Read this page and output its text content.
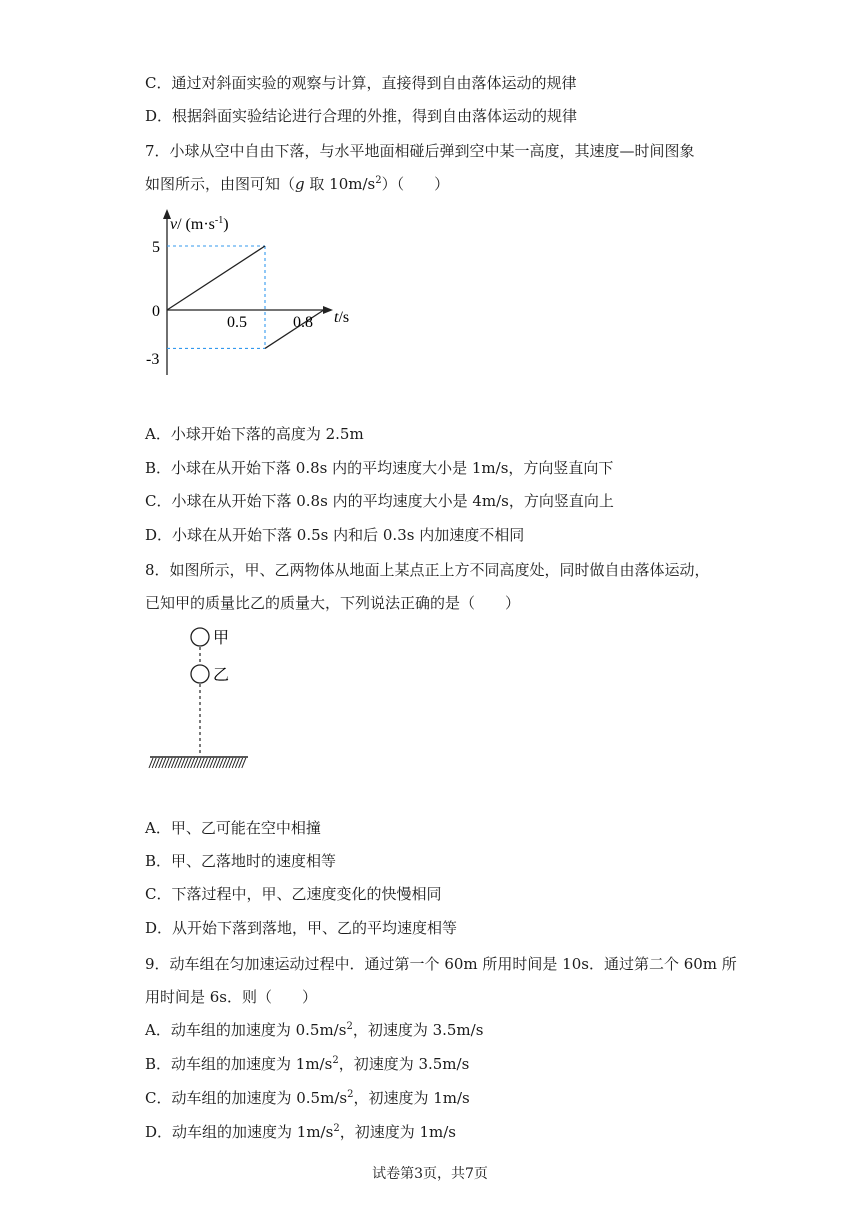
C．通过对斜面实验的观察与计算，直接得到自由落体运动的规律
D．根据斜面实验结论进行合理的外推，得到自由落体运动的规律
7．小球从空中自由下落，与水平地面相碰后弹到空中某一高度，其速度—时间图象
如图所示，由图可知（g 取 $10m/s^2$）（　　）
v/ $(m\cdot s^{-1})$
5
0
-3
0.5	0.8 t/s
A．小球开始下落的高度为 2.5m
B．小球在从开始下落 0.8s 内的平均速度大小是 1m/s，方向竖直向下
C．小球在从开始下落 0.8s 内的平均速度大小是 4m/s，方向竖直向上
D．小球在从开始下落 0.5s 内和后 0.3s 内加速度不相同
8．如图所示，甲、乙两物体从地面上某点正上方不同高度处，同时做自由落体运动，
已知甲的质量比乙的质量大，下列说法正确的是（　　）
甲
乙
A．甲、乙可能在空中相撞
B．甲、乙落地时的速度相等
C．下落过程中，甲、乙速度变化的快慢相同
D．从开始下落到落地，甲、乙的平均速度相等
9．动车组在匀加速运动过程中．通过第一个 60m 所用时间是 10s．通过第二个 60m 所
用时间是 6s．则（　　）
A．动车组的加速度为 $0.5m/s^2$，初速度为 3.5m/s
B．动车组的加速度为 $1m/s^2$，初速度为 3.5m/s
C．动车组的加速度为 $0.5m/s^2$，初速度为 1m/s
D．动车组的加速度为 $1m/s^2$，初速度为 1m/s
试卷第3页，共7页
